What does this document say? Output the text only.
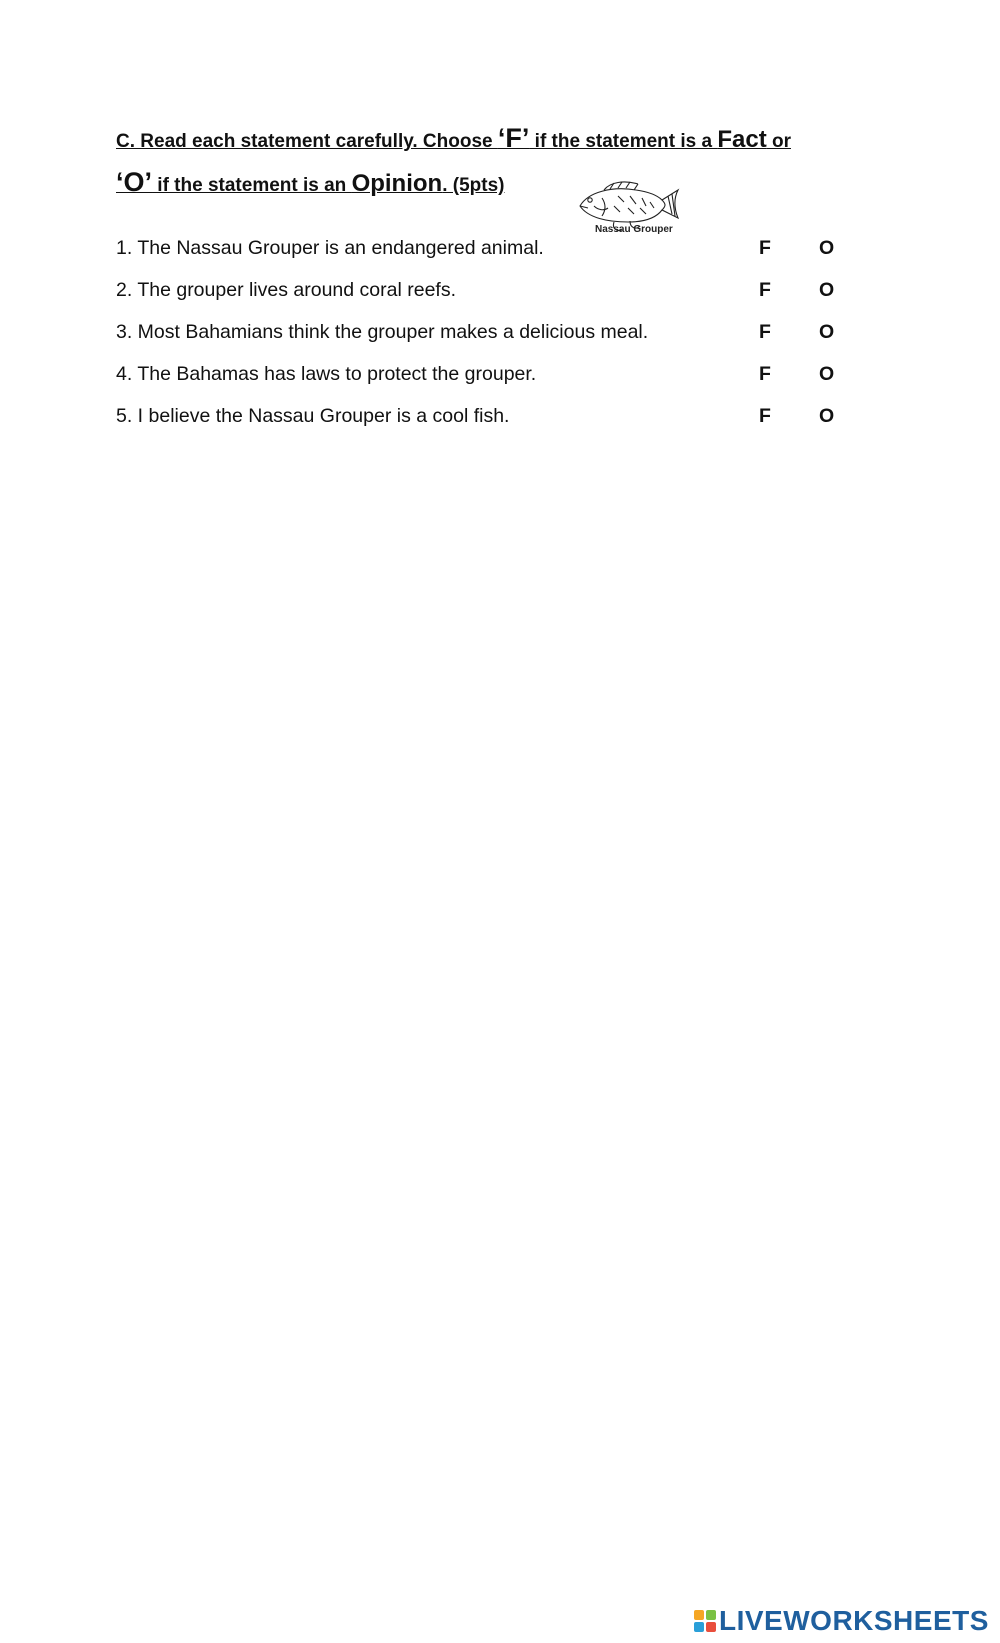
C. Read each statement carefully. Choose ‘F’ if the statement is a Fact or
‘O’ if the statement is an Opinion. (5pts)
Nassau Grouper
1. The Nassau Grouper is an endangered animal.	F O
2. The grouper lives around coral reefs.	F O
3. Most Bahamians think the grouper makes a delicious meal.	F O
4. The Bahamas has laws to protect the grouper.	F O
5. I believe the Nassau Grouper is a cool fish.	F O
LIVEWORKSHEETS
